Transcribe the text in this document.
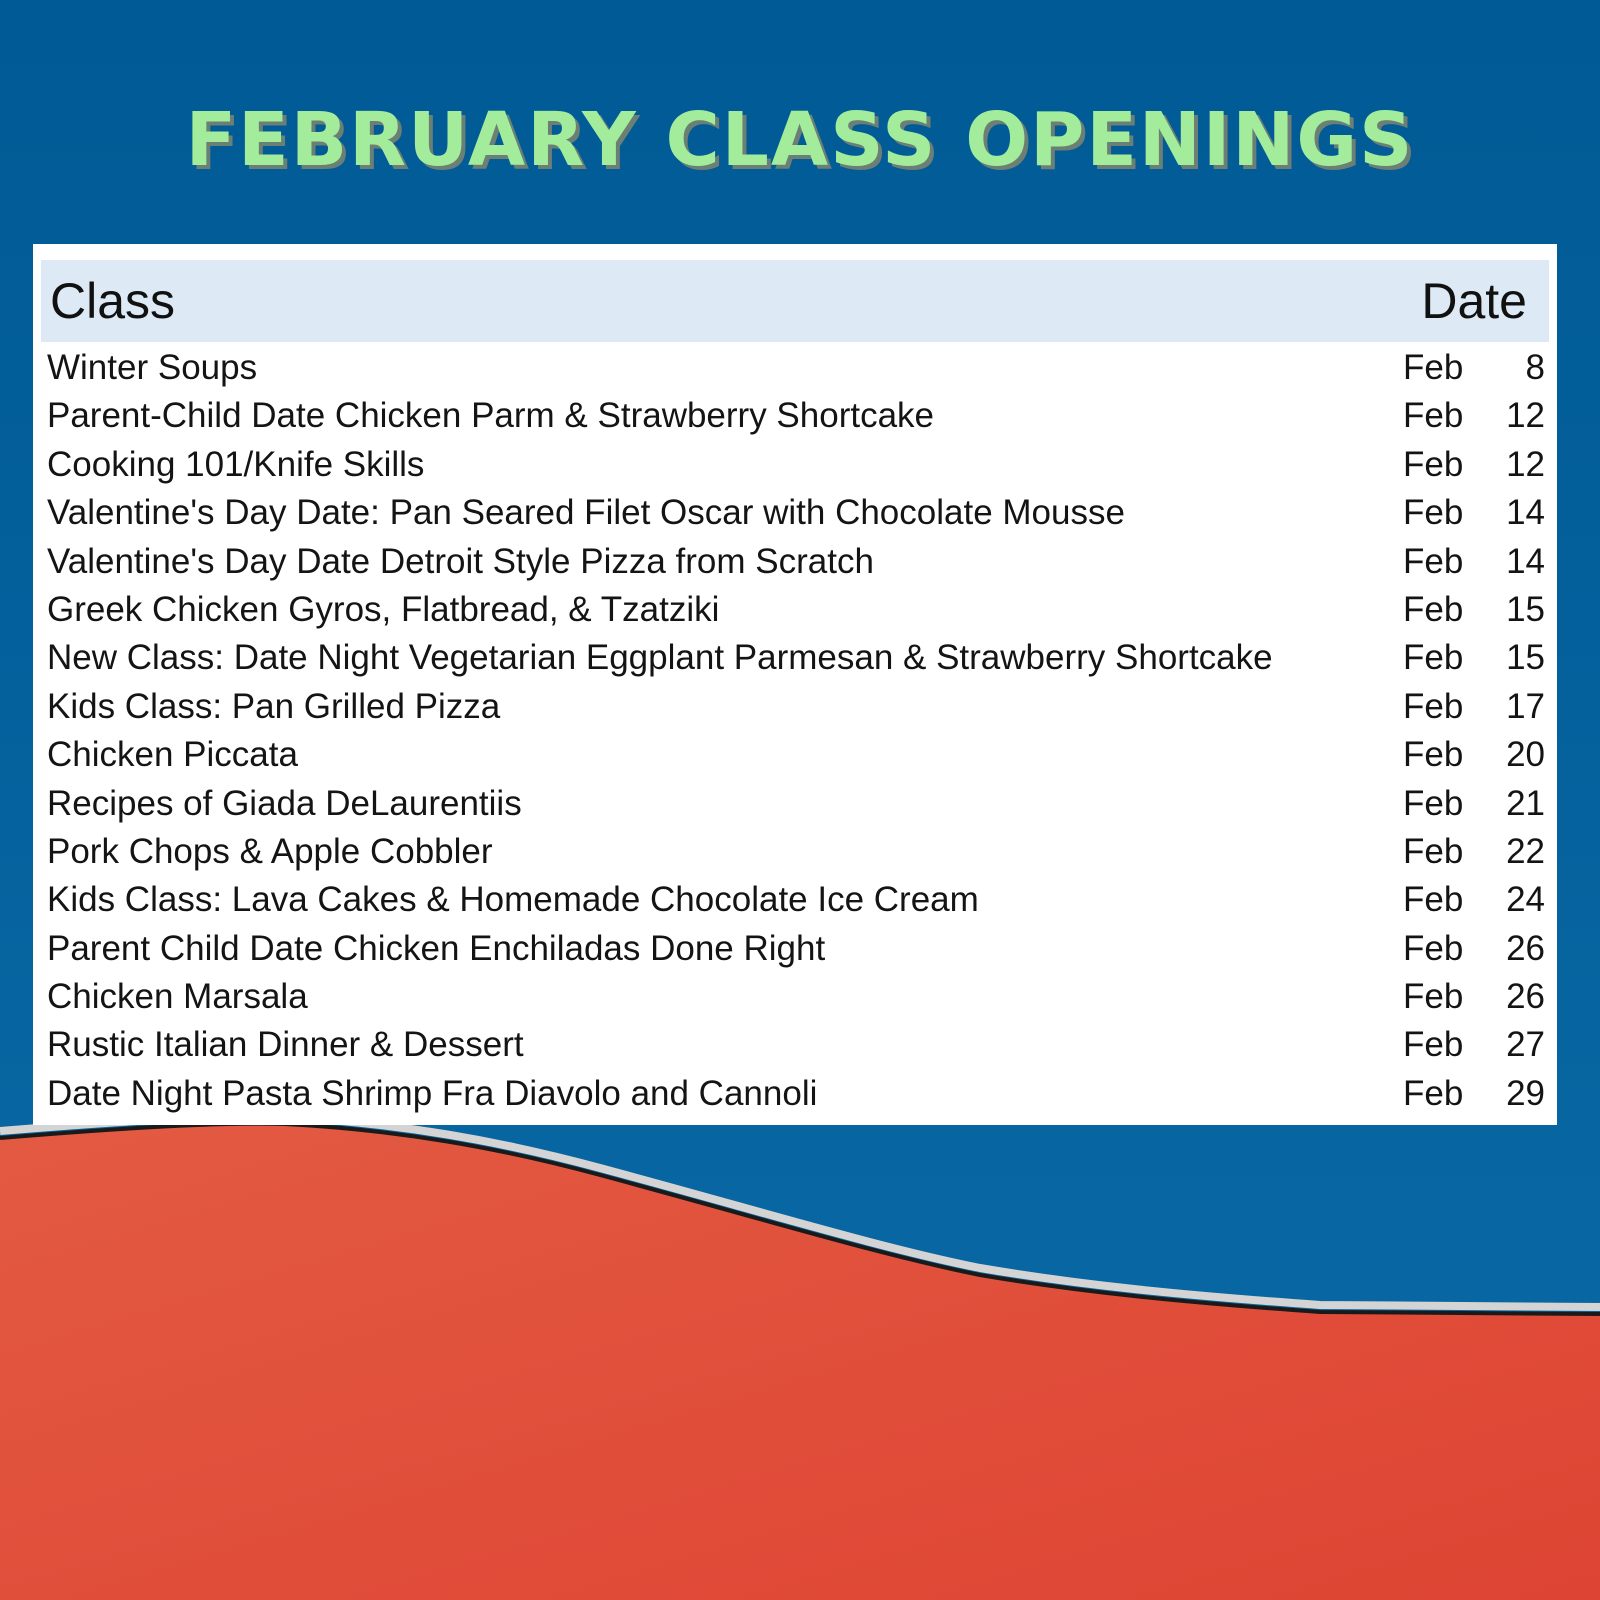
FEBRUARY CLASS OPENINGS
Class	Date
Winter Soups	Feb 8
Parent-Child Date Chicken Parm & Strawberry Shortcake	Feb 12
Cooking 101/Knife Skills	Feb 12
Valentine's Day Date: Pan Seared Filet Oscar with Chocolate Mousse	Feb 14
Valentine's Day Date Detroit Style Pizza from Scratch	Feb 14
Greek Chicken Gyros, Flatbread, & Tzatziki	Feb 15
New Class: Date Night Vegetarian Eggplant Parmesan & Strawberry Shortcake	Feb 15
Kids Class: Pan Grilled Pizza	Feb 17
Chicken Piccata	Feb 20
Recipes of Giada DeLaurentiis	Feb 21
Pork Chops & Apple Cobbler	Feb 22
Kids Class: Lava Cakes & Homemade Chocolate Ice Cream	Feb 24
Parent Child Date Chicken Enchiladas Done Right	Feb 26
Chicken Marsala	Feb 26
Rustic Italian Dinner & Dessert	Feb 27
Date Night Pasta Shrimp Fra Diavolo and Cannoli	Feb 29
